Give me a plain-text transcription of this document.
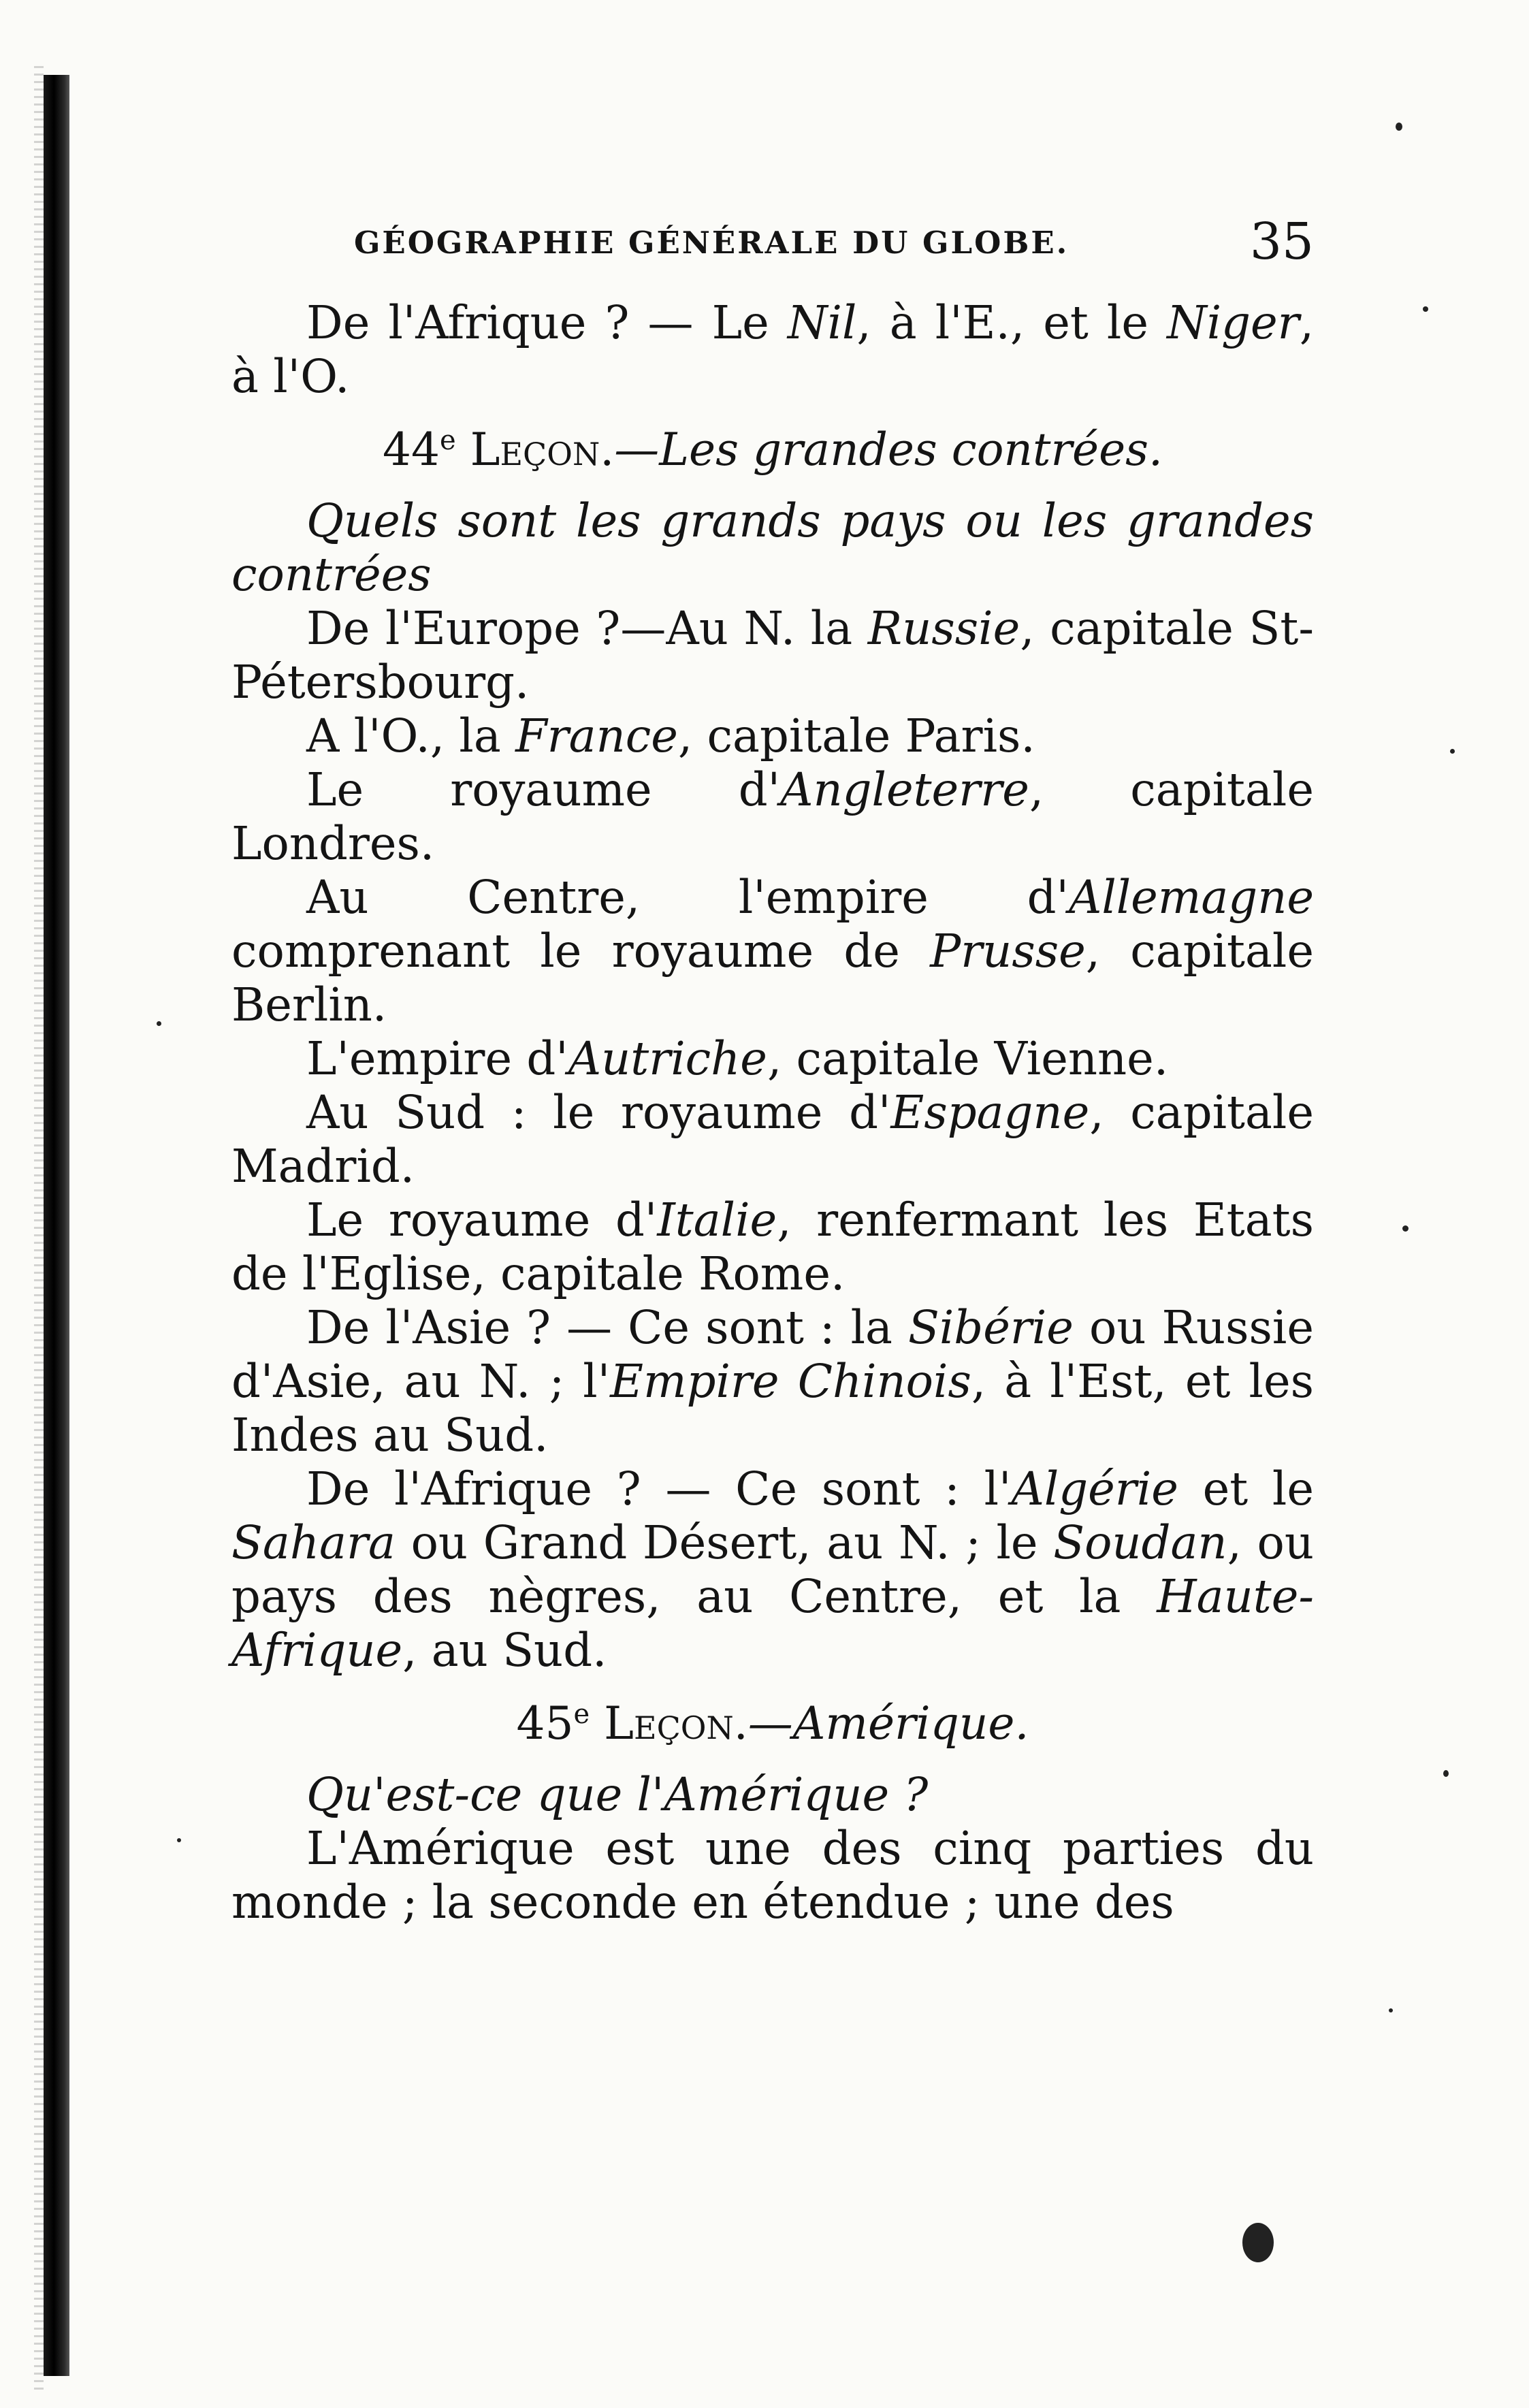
GÉOGRAPHIE GÉNÉRALE DU GLOBE.	35

De l'Afrique ? — Le Nil, à l'E., et le Niger, à l'O.

44e Leçon.—Les grandes contrées.

Quels sont les grands pays ou les grandes contrées

De l'Europe ?—Au N. la Russie, capitale St-Pétersbourg.

A l'O., la France, capitale Paris.

Le royaume d'Angleterre, capitale Londres.

Au Centre, l'empire d'Allemagne comprenant le royaume de Prusse, capitale Berlin.

L'empire d'Autriche, capitale Vienne.

Au Sud : le royaume d'Espagne, capitale Madrid.

Le royaume d'Italie, renfermant les Etats de l'Eglise, capitale Rome.

De l'Asie ? — Ce sont : la Sibérie ou Russie d'Asie, au N. ; l'Empire Chinois, à l'Est, et les Indes au Sud.

De l'Afrique ? — Ce sont : l'Algérie et le Sahara ou Grand Désert, au N. ; le Soudan, ou pays des nègres, au Centre, et la Haute-Afrique, au Sud.

45e Leçon.—Amérique.

Qu'est-ce que l'Amérique ?

L'Amérique est une des cinq parties du monde ; la seconde en étendue ; une des
